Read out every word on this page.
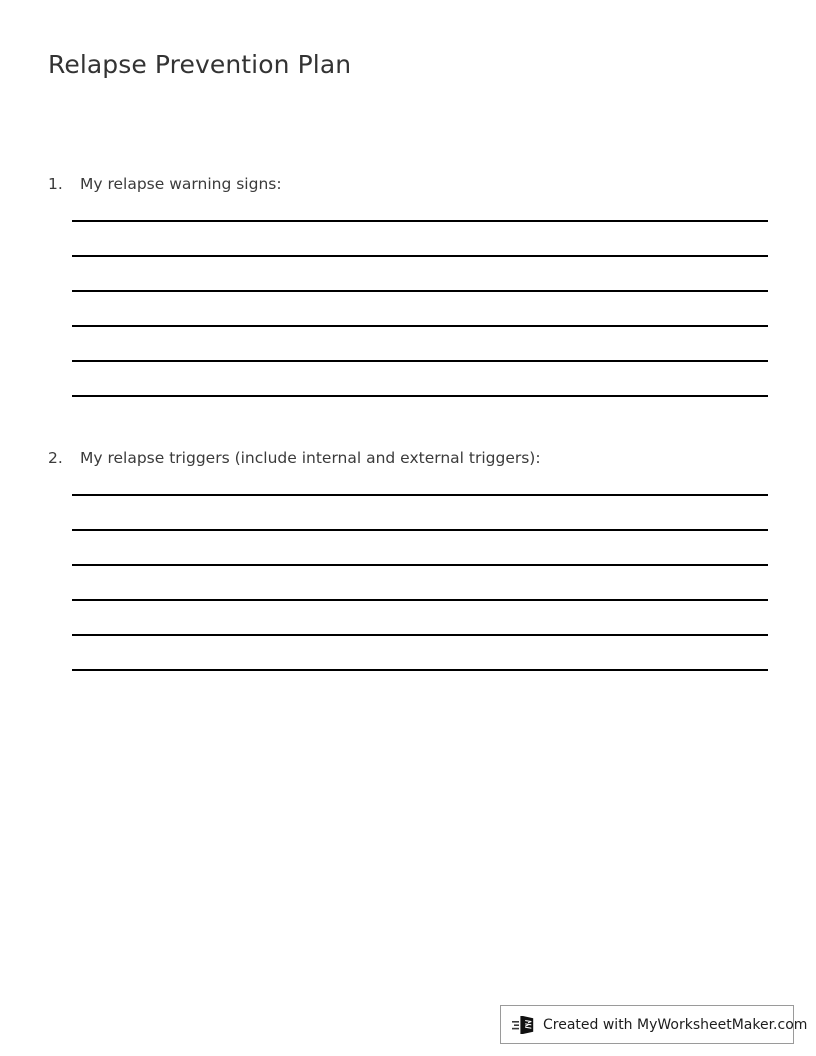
Relapse Prevention Plan
1.	My relapse warning signs:
2.	My relapse triggers (include internal and external triggers):
Created with MyWorksheetMaker.com
